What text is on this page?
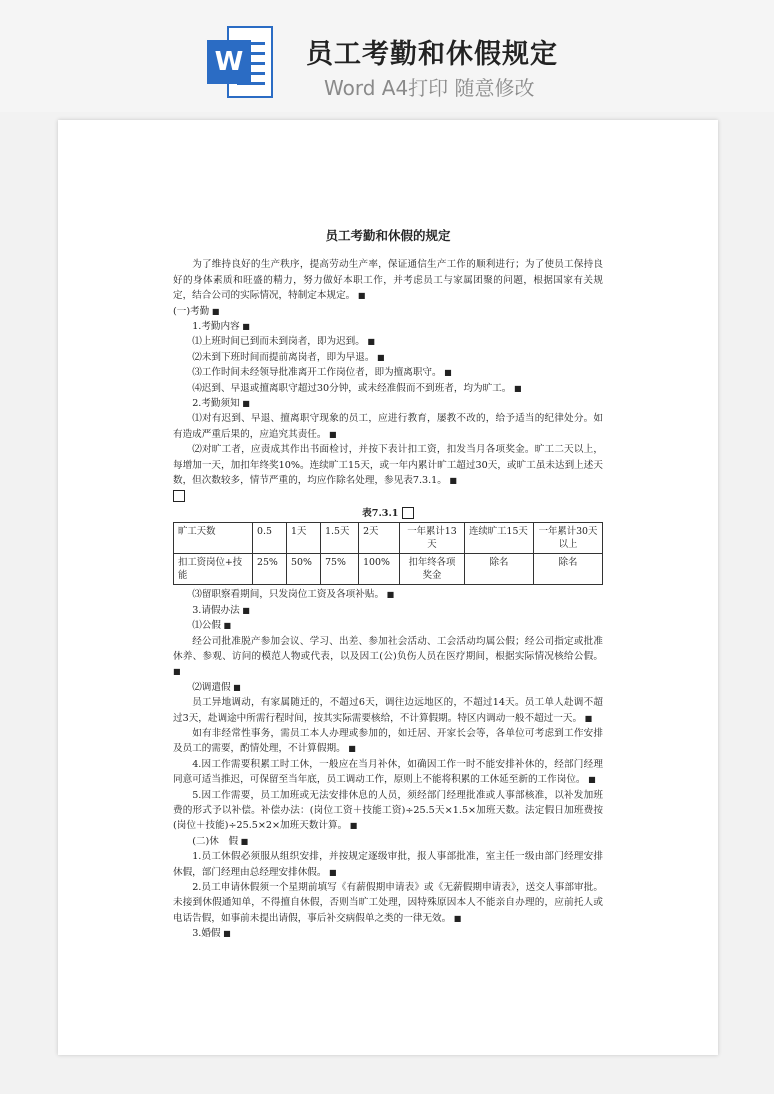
W 员工考勤和休假规定
Word A4打印 随意修改
员工考勤和休假的规定

为了维持良好的生产秩序，提高劳动生产率，保证通信生产工作的顺利进行；为了使员工保持良好的身体素质和旺盛的精力，努力做好本职工作，并考虑员工与家属团聚的问题，根据国家有关规定，结合公司的实际情况，特制定本规定。 ■

(一)考勤 ■

1.考勤内容 ■

⑴上班时间已到而未到岗者，即为迟到。 ■

⑵未到下班时间而提前离岗者，即为早退。 ■

⑶工作时间未经领导批准离开工作岗位者，即为擅离职守。 ■

⑷迟到、早退或擅离职守超过30分钟，或未经准假而不到班者，均为旷工。 ■

2.考勤须知 ■

⑴对有迟到、早退、擅离职守现象的员工，应进行教育，屡教不改的，给予适当的纪律处分。如有造成严重后果的，应追究其责任。 ■

⑵对旷工者，应责成其作出书面检讨，并按下表计扣工资，扣发当月各项奖金。旷工二天以上，每增加一天，加扣年终奖10%。连续旷工15天，或一年内累计旷工超过30天，或旷工虽未达到上述天数，但次数较多，情节严重的，均应作除名处理，参见表7.3.1。 ■

表7.3.1
旷工天数	0.5	1天	1.5天	2天	一年累计13天	连续旷工15天	一年累计30天以上
扣工资岗位+技能	25%	50%	75%	100%	扣年终各项奖金	除名	除名

⑶留职察看期间，只发岗位工资及各项补贴。 ■

3.请假办法 ■

⑴公假 ■

经公司批准脱产参加会议、学习、出差、参加社会活动、工会活动均属公假；经公司指定或批准休养、参观、访问的模范人物或代表，以及因工(公)负伤人员在医疗期间，根据实际情况核给公假。 ■

⑵调遣假 ■

员工异地调动，有家属随迁的，不超过6天，调往边远地区的，不超过14天。员工单人赴调不超过3天，赴调途中所需行程时间，按其实际需要核给，不计算假期。特区内调动一般不超过一天。 ■

如有非经常性事务，需员工本人办理或参加的，如迁居、开家长会等，各单位可考虑到工作安排及员工的需要，酌情处理，不计算假期。 ■

4.因工作需要积累工时工休，一般应在当月补休，如确因工作一时不能安排补休的，经部门经理同意可适当推迟，可保留至当年底，员工调动工作，原则上不能将积累的工休延至新的工作岗位。 ■

5.因工作需要，员工加班或无法安排休息的人员，须经部门经理批准或人事部核准，以补发加班费的形式予以补偿。补偿办法：(岗位工资＋技能工资)÷25.5天×1.5×加班天数。法定假日加班费按(岗位＋技能)÷25.5×2×加班天数计算。 ■

(二)休　假 ■

1.员工休假必须服从组织安排，并按规定逐级审批，报人事部批准，室主任一级由部门经理安排休假，部门经理由总经理安排休假。 ■

2.员工申请休假须一个星期前填写《有薪假期申请表》或《无薪假期申请表》，送交人事部审批。未接到休假通知单，不得擅自休假，否则当旷工处理，因特殊原因本人不能亲自办理的，应前托人或电话告假，如事前未提出请假，事后补交病假单之类的一律无效。 ■

3.婚假 ■
